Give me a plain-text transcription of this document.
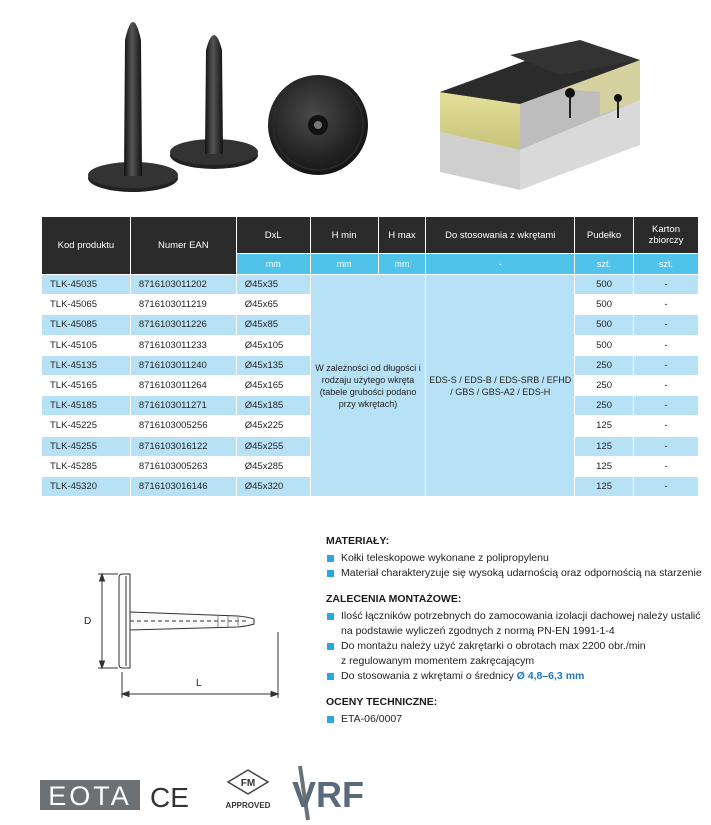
Kod produktu	Numer EAN	DxL	H min	H max	Do stosowania z wkrętami	Pudełko	Karton zbiorczy
		mm	mm	mm	-	szt.	szt.
TLK-45035	8716103011202	Ø45x35	W zależności od długości i rodzaju użytego wkręta (tabele grubości podano przy wkrętach)		EDS-S / EDS-B / EDS-SRB / EFHD / GBS / GBS-A2 / EDS-H	500	-
TLK-45065	8716103011219	Ø45x65				500	-
TLK-45085	8716103011226	Ø45x85				500	-
TLK-45105	8716103011233	Ø45x105				500	-
TLK-45135	8716103011240	Ø45x135				250	-
TLK-45165	8716103011264	Ø45x165				250	-
TLK-45185	8716103011271	Ø45x185				250	-
TLK-45225	8716103005256	Ø45x225				125	-
TLK-45255	8716103016122	Ø45x255				125	-
TLK-45285	8716103005263	Ø45x285				125	-
TLK-45320	8716103016146	Ø45x320				125	-
D
L
MATERIAŁY:
Kołki teleskopowe wykonane z polipropylenu
Materiał charakteryzuje się wysoką udarnością oraz odpornością na starzenie
ZALECENIA MONTAŻOWE:
Ilość łączników potrzebnych do zamocowania izolacji dachowej należy ustalić
na podstawie wyliczeń zgodnych z normą PN-EN 1991-1-4
Do montażu należy użyć zakrętarki o obrotach max 2200 obr./min
z regulowanym momentem zakręcającym
Do stosowania z wkrętami o średnicy Ø 4,8–6,3 mm
OCENY TECHNICZNE:
ETA-06/0007
EOTA CE	FM
APPROVED VRF
